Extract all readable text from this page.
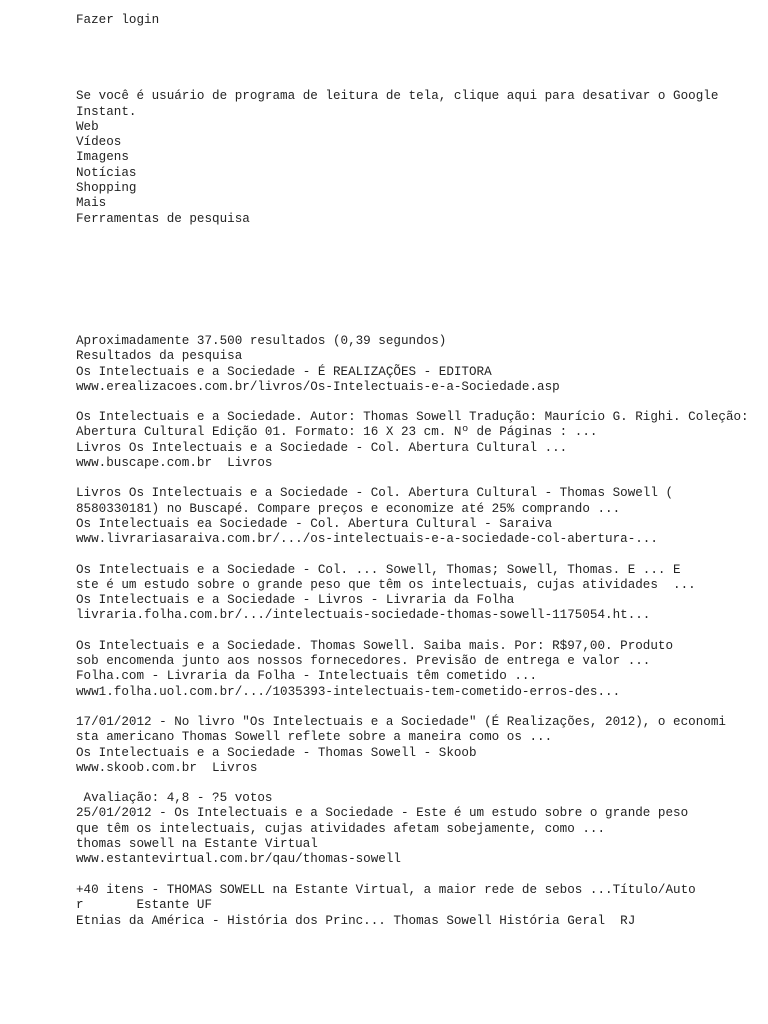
Fazer login
Se você é usuário de programa de leitura de tela, clique aqui para desativar o Google
Instant.
Web
Vídeos
Imagens
Notícias
Shopping
Mais
Ferramentas de pesquisa
Aproximadamente 37.500 resultados (0,39 segundos)
Resultados da pesquisa
Os Intelectuais e a Sociedade - É REALIZAÇÕES - EDITORA
www.erealizacoes.com.br/livros/Os-Intelectuais-e-a-Sociedade.asp
Os Intelectuais e a Sociedade. Autor: Thomas Sowell Tradução: Maurício G. Righi. Coleção:
Abertura Cultural Edição 01. Formato: 16 X 23 cm. Nº de Páginas : ...
Livros Os Intelectuais e a Sociedade - Col. Abertura Cultural ...
www.buscape.com.br  Livros
Livros Os Intelectuais e a Sociedade - Col. Abertura Cultural - Thomas Sowell (
8580330181) no Buscapé. Compare preços e economize até 25% comprando ...
Os Intelectuais ea Sociedade - Col. Abertura Cultural - Saraiva
www.livrariasaraiva.com.br/.../os-intelectuais-e-a-sociedade-col-abertura-...
Os Intelectuais e a Sociedade - Col. ... Sowell, Thomas; Sowell, Thomas. E ... E
ste é um estudo sobre o grande peso que têm os intelectuais, cujas atividades  ...
Os Intelectuais e a Sociedade - Livros - Livraria da Folha
livraria.folha.com.br/.../intelectuais-sociedade-thomas-sowell-1175054.ht...
Os Intelectuais e a Sociedade. Thomas Sowell. Saiba mais. Por: R$97,00. Produto
sob encomenda junto aos nossos fornecedores. Previsão de entrega e valor ...
Folha.com - Livraria da Folha - Intelectuais têm cometido ...
www1.folha.uol.com.br/.../1035393-intelectuais-tem-cometido-erros-des...
17/01/2012 - No livro "Os Intelectuais e a Sociedade" (É Realizações, 2012), o economi
sta americano Thomas Sowell reflete sobre a maneira como os ...
Os Intelectuais e a Sociedade - Thomas Sowell - Skoob
www.skoob.com.br  Livros
Avaliação: 4,8 - ?5 votos
25/01/2012 - Os Intelectuais e a Sociedade - Este é um estudo sobre o grande peso
que têm os intelectuais, cujas atividades afetam sobejamente, como ...
thomas sowell na Estante Virtual
www.estantevirtual.com.br/qau/thomas-sowell
+40 itens - THOMAS SOWELL na Estante Virtual, a maior rede de sebos ...Título/Auto
r       Estante UF
Etnias da América - História dos Princ... Thomas Sowell História Geral  RJ
